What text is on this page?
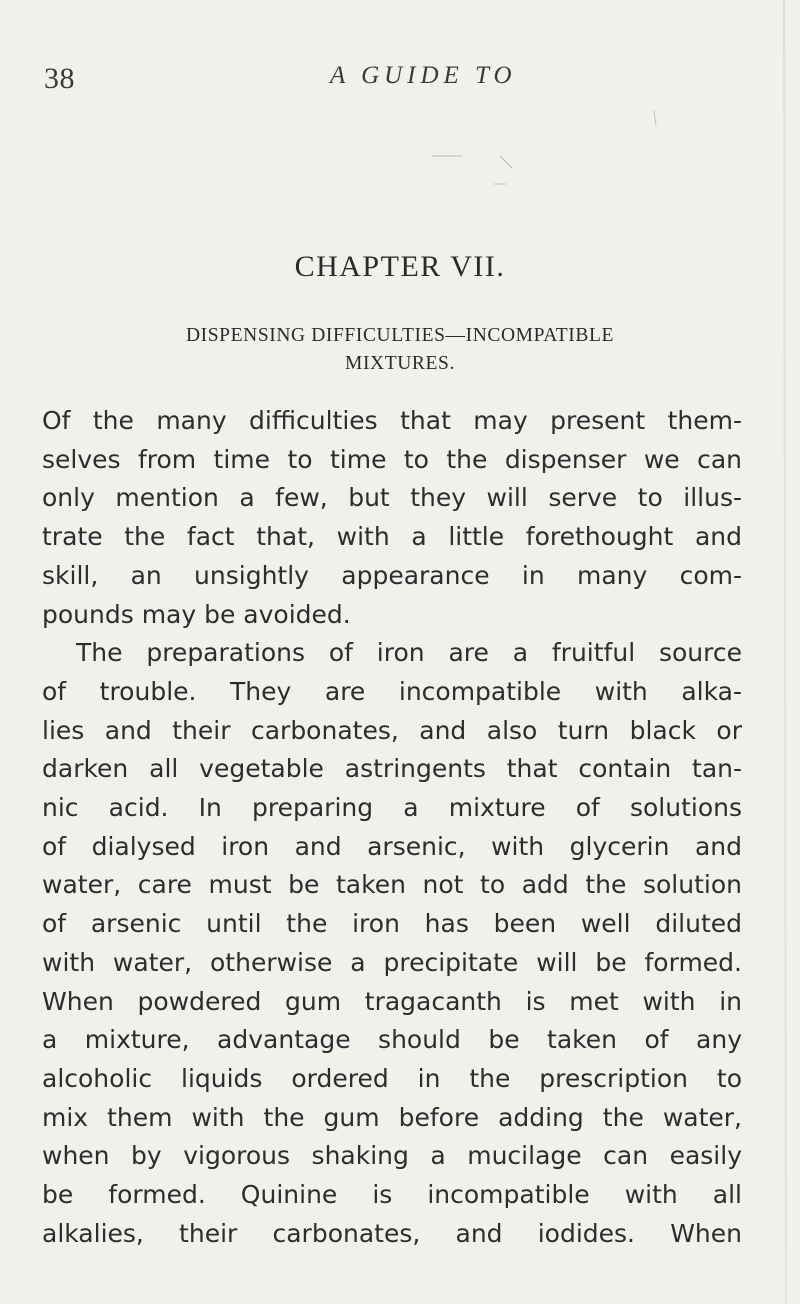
38	A GUIDE TO
CHAPTER VII.
DISPENSING DIFFICULTIES—INCOMPATIBLE
MIXTURES.
Of the many difficulties that may present them-
selves from time to time to the dispenser we can
only mention a few, but they will serve to illus-
trate the fact that, with a little forethought and
skill, an unsightly appearance in many com-
pounds may be avoided.
The preparations of iron are a fruitful source
of trouble. They are incompatible with alka-
lies and their carbonates, and also turn black or
darken all vegetable astringents that contain tan-
nic acid. In preparing a mixture of solutions
of dialysed iron and arsenic, with glycerin and
water, care must be taken not to add the solution
of arsenic until the iron has been well diluted
with water, otherwise a precipitate will be formed.
When powdered gum tragacanth is met with in
a mixture, advantage should be taken of any
alcoholic liquids ordered in the prescription to
mix them with the gum before adding the water,
when by vigorous shaking a mucilage can easily
be formed. Quinine is incompatible with all
alkalies, their carbonates, and iodides. When
